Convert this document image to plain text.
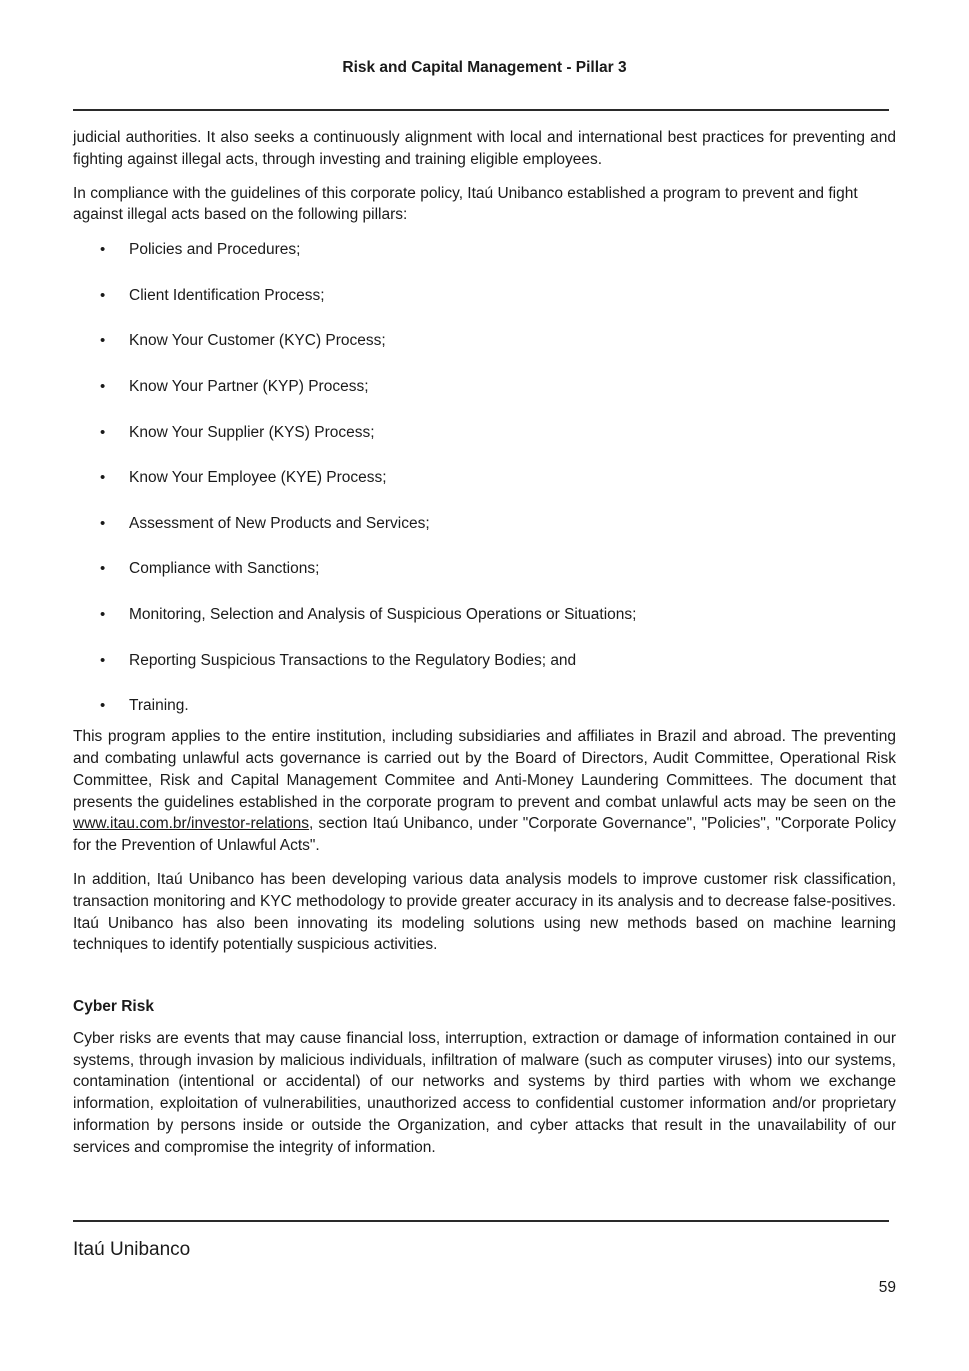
Risk and Capital Management - Pillar 3

judicial authorities. It also seeks a continuously alignment with local and international best practices for preventing and fighting against illegal acts, through investing and training eligible employees.

In compliance with the guidelines of this corporate policy, Itaú Unibanco established a program to prevent and fight against illegal acts based on the following pillars:

• Policies and Procedures;
• Client Identification Process;
• Know Your Customer (KYC) Process;
• Know Your Partner (KYP) Process;
• Know Your Supplier (KYS) Process;
• Know Your Employee (KYE) Process;
• Assessment of New Products and Services;
• Compliance with Sanctions;
• Monitoring, Selection and Analysis of Suspicious Operations or Situations;
• Reporting Suspicious Transactions to the Regulatory Bodies; and
• Training.

This program applies to the entire institution, including subsidiaries and affiliates in Brazil and abroad. The preventing and combating unlawful acts governance is carried out by the Board of Directors, Audit Committee, Operational Risk Committee, Risk and Capital Management Commitee and Anti-Money Laundering Committees. The document that presents the guidelines established in the corporate program to prevent and combat unlawful acts may be seen on the www.itau.com.br/investor-relations, section Itaú Unibanco, under "Corporate Governance", "Policies", "Corporate Policy for the Prevention of Unlawful Acts".

In addition, Itaú Unibanco has been developing various data analysis models to improve customer risk classification, transaction monitoring and KYC methodology to provide greater accuracy in its analysis and to decrease false-positives. Itaú Unibanco has also been innovating its modeling solutions using new methods based on machine learning techniques to identify potentially suspicious activities.

Cyber Risk

Cyber risks are events that may cause financial loss, interruption, extraction or damage of information contained in our systems, through invasion by malicious individuals, infiltration of malware (such as computer viruses) into our systems, contamination (intentional or accidental) of our networks and systems by third parties with whom we exchange information, exploitation of vulnerabilities, unauthorized access to confidential customer information and/or proprietary information by persons inside or outside the Organization, and cyber attacks that result in the unavailability of our services and compromise the integrity of information.

Itaú Unibanco
59
